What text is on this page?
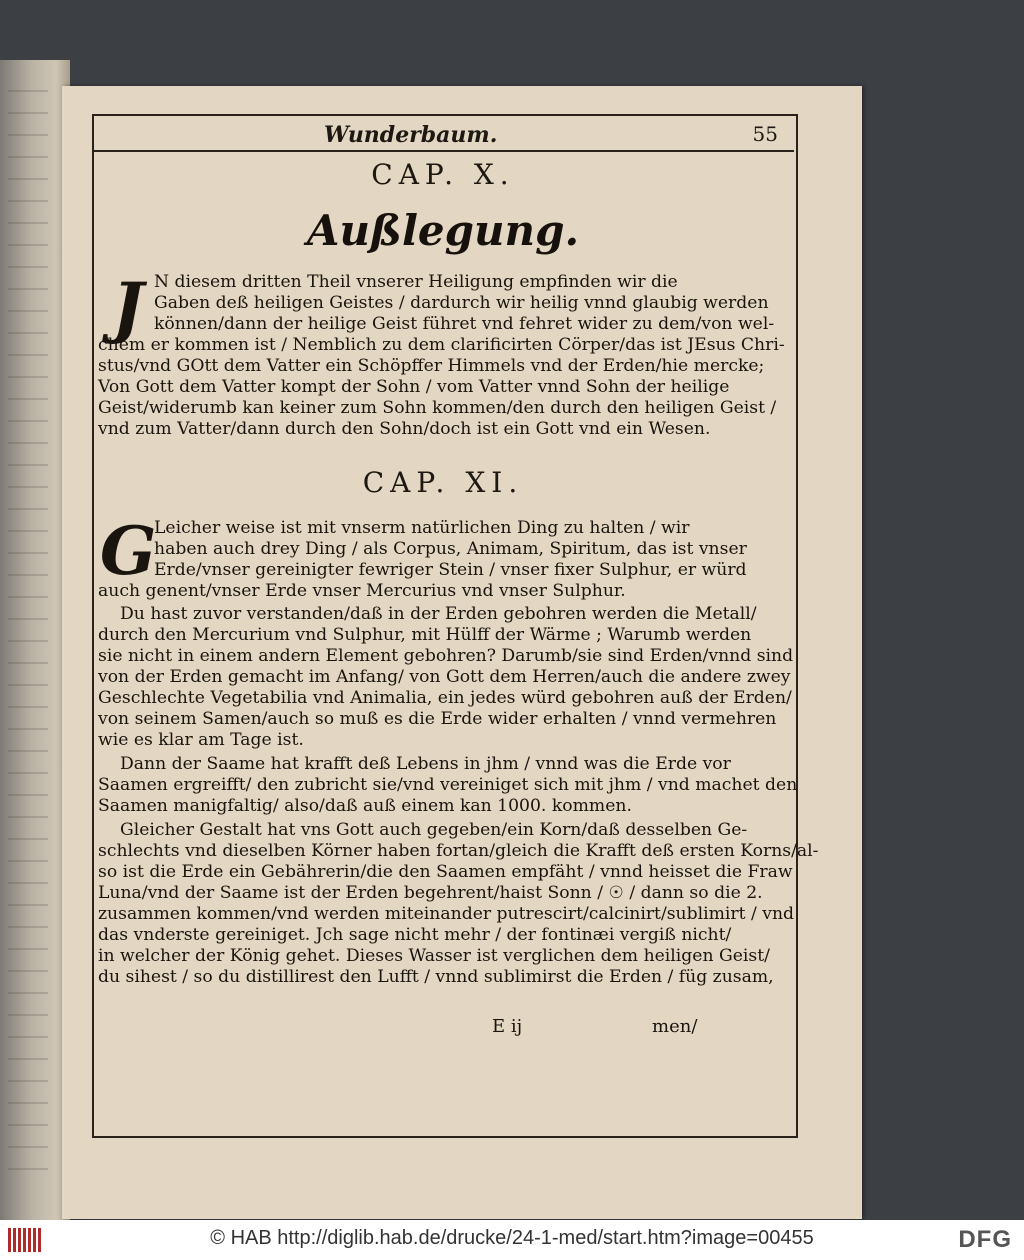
Wunderbaum.	55
CAP. X.
Außlegung.
J N diesem dritten Theil vnserer Heiligung empfinden wir die
Gaben deß heiligen Geistes / dardurch wir heilig vnnd glaubig werden
können/dann der heilige Geist führet vnd fehret wider zu dem/von wel-
chem er kommen ist / Nemblich zu dem clarificirten Cörper/das ist JEsus Chri-
stus/vnd GOtt dem Vatter ein Schöpffer Himmels vnd der Erden/hie mercke;
Von Gott dem Vatter kompt der Sohn / vom Vatter vnnd Sohn der heilige
Geist/widerumb kan keiner zum Sohn kommen/den durch den heiligen Geist /
vnd zum Vatter/dann durch den Sohn/doch ist ein Gott vnd ein Wesen.
CAP. XI.
G
Leicher weise ist mit vnserm natürlichen Ding zu halten / wir
haben auch drey Ding / als Corpus, Animam, Spiritum, das ist vnser
Erde/vnser gereinigter fewriger Stein / vnser fixer Sulphur, er würd
auch genent/vnser Erde vnser Mercurius vnd vnser Sulphur.
Du hast zuvor verstanden/daß in der Erden gebohren werden die Metall/
durch den Mercurium vnd Sulphur, mit Hülff der Wärme ; Warumb werden
sie nicht in einem andern Element gebohren? Darumb/sie sind Erden/vnnd sind
von der Erden gemacht im Anfang/ von Gott dem Herren/auch die andere zwey
Geschlechte Vegetabilia vnd Animalia, ein jedes würd gebohren auß der Erden/
von seinem Samen/auch so muß es die Erde wider erhalten / vnnd vermehren
wie es klar am Tage ist.
Dann der Saame hat krafft deß Lebens in jhm / vnnd was die Erde vor
Saamen ergreifft/ den zubricht sie/vnd vereiniget sich mit jhm / vnd machet den
Saamen manigfaltig/ also/daß auß einem kan 1000. kommen.
Gleicher Gestalt hat vns Gott auch gegeben/ein Korn/daß desselben Ge-
schlechts vnd dieselben Körner haben fortan/gleich die Krafft deß ersten Korns/al-
so ist die Erde ein Gebährerin/die den Saamen empfäht / vnnd heisset die Fraw
Luna/vnd der Saame ist der Erden begehrent/haist Sonn / ☉ / dann so die 2.
zusammen kommen/vnd werden miteinander putrescirt/calcinirt/sublimirt / vnd
das vnderste gereiniget. Jch sage nicht mehr / der fontinæi vergiß nicht/
in welcher der König gehet. Dieses Wasser ist verglichen dem heiligen Geist/
du sihest / so du distillirest den Lufft / vnnd sublimirst die Erden / füg zusam,
E ij	men/
© HAB http://diglib.hab.de/drucke/24-1-med/start.htm?image=00455	DFG
